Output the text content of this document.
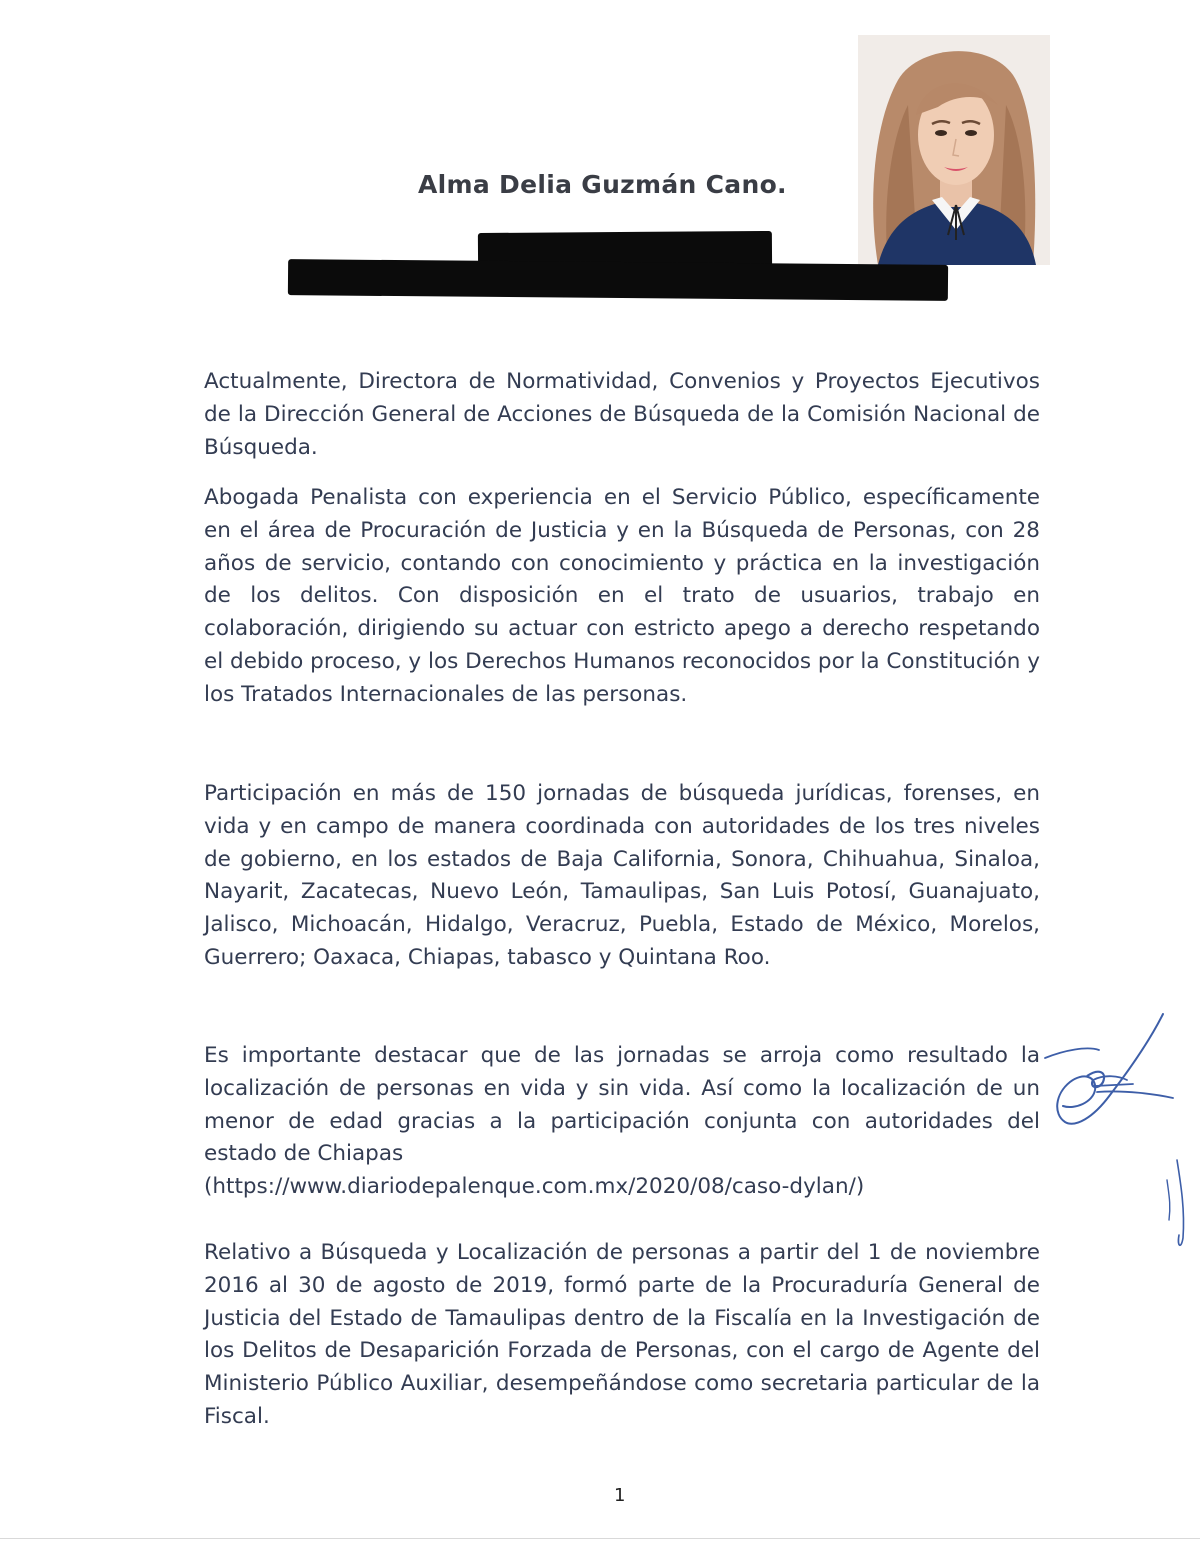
Alma Delia Guzmán Cano.

Actualmente, Directora de Normatividad, Convenios y Proyectos Ejecutivos de la Dirección General de Acciones de Búsqueda de la Comisión Nacional de Búsqueda.

Abogada Penalista con experiencia en el Servicio Público, específicamente en el área de Procuración de Justicia y en la Búsqueda de Personas, con 28 años de servicio, contando con conocimiento y práctica en la investigación de los delitos. Con disposición en el trato de usuarios, trabajo en colaboración, dirigiendo su actuar con estricto apego a derecho respetando el debido proceso, y los Derechos Humanos reconocidos por la Constitución y los Tratados Internacionales de las personas.

Participación en más de 150 jornadas de búsqueda jurídicas, forenses, en vida y en campo de manera coordinada con autoridades de los tres niveles de gobierno, en los estados de Baja California, Sonora, Chihuahua, Sinaloa, Nayarit, Zacatecas, Nuevo León, Tamaulipas, San Luis Potosí, Guanajuato, Jalisco, Michoacán, Hidalgo, Veracruz, Puebla, Estado de México, Morelos, Guerrero; Oaxaca, Chiapas, tabasco y Quintana Roo.

Es importante destacar que de las jornadas se arroja como resultado la localización de personas en vida y sin vida. Así como la localización de un menor de edad gracias a la participación conjunta con autoridades del estado de Chiapas

(https://www.diariodepalenque.com.mx/2020/08/caso-dylan/)

Relativo a Búsqueda y Localización de personas a partir del 1 de noviembre 2016 al 30 de agosto de 2019, formó parte de la Procuraduría General de Justicia del Estado de Tamaulipas dentro de la Fiscalía en la Investigación de los Delitos de Desaparición Forzada de Personas, con el cargo de Agente del Ministerio Público Auxiliar, desempeñándose como secretaria particular de la Fiscal.

1
